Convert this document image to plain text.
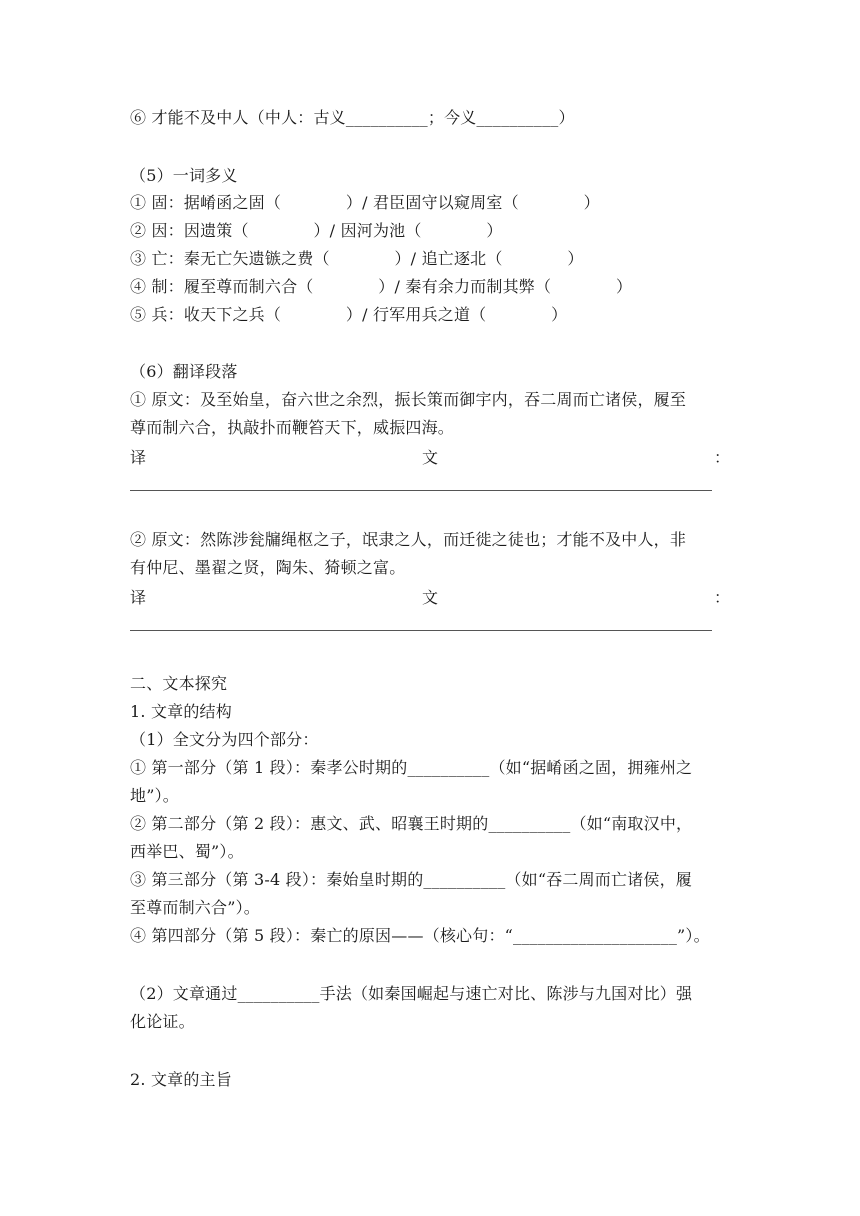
⑥ 才能不及中人（中人：古义__________；今义__________）
（5）一词多义
① 固：据崤函之固（　　　　）/ 君臣固守以窥周室（　　　　）
② 因：因遗策（　　　　）/ 因河为池（　　　　）
③ 亡：秦无亡矢遗镞之费（　　　　）/ 追亡逐北（　　　　）
④ 制：履至尊而制六合（　　　　）/ 秦有余力而制其弊（　　　　）
⑤ 兵：收天下之兵（　　　　）/ 行军用兵之道（　　　　）
（6）翻译段落
① 原文：及至始皇，奋六世之余烈，振长策而御宇内，吞二周而亡诸侯，履至
尊而制六合，执敲扑而鞭笞天下，威振四海。
译	文	：
② 原文：然陈涉瓮牖绳枢之子，氓隶之人，而迁徙之徒也；才能不及中人，非
有仲尼、墨翟之贤，陶朱、猗顿之富。
译	文	：
二、文本探究
1. 文章的结构
（1）全文分为四个部分：
① 第一部分（第 1 段）：秦孝公时期的__________（如“据崤函之固，拥雍州之
地”）。
② 第二部分（第 2 段）：惠文、武、昭襄王时期的__________（如“南取汉中，
西举巴、蜀”）。
③ 第三部分（第 3-4 段）：秦始皇时期的__________（如“吞二周而亡诸侯，履
至尊而制六合”）。
④ 第四部分（第 5 段）：秦亡的原因——（核心句：“____________________”）。
（2）文章通过__________手法（如秦国崛起与速亡对比、陈涉与九国对比）强
化论证。
2. 文章的主旨
